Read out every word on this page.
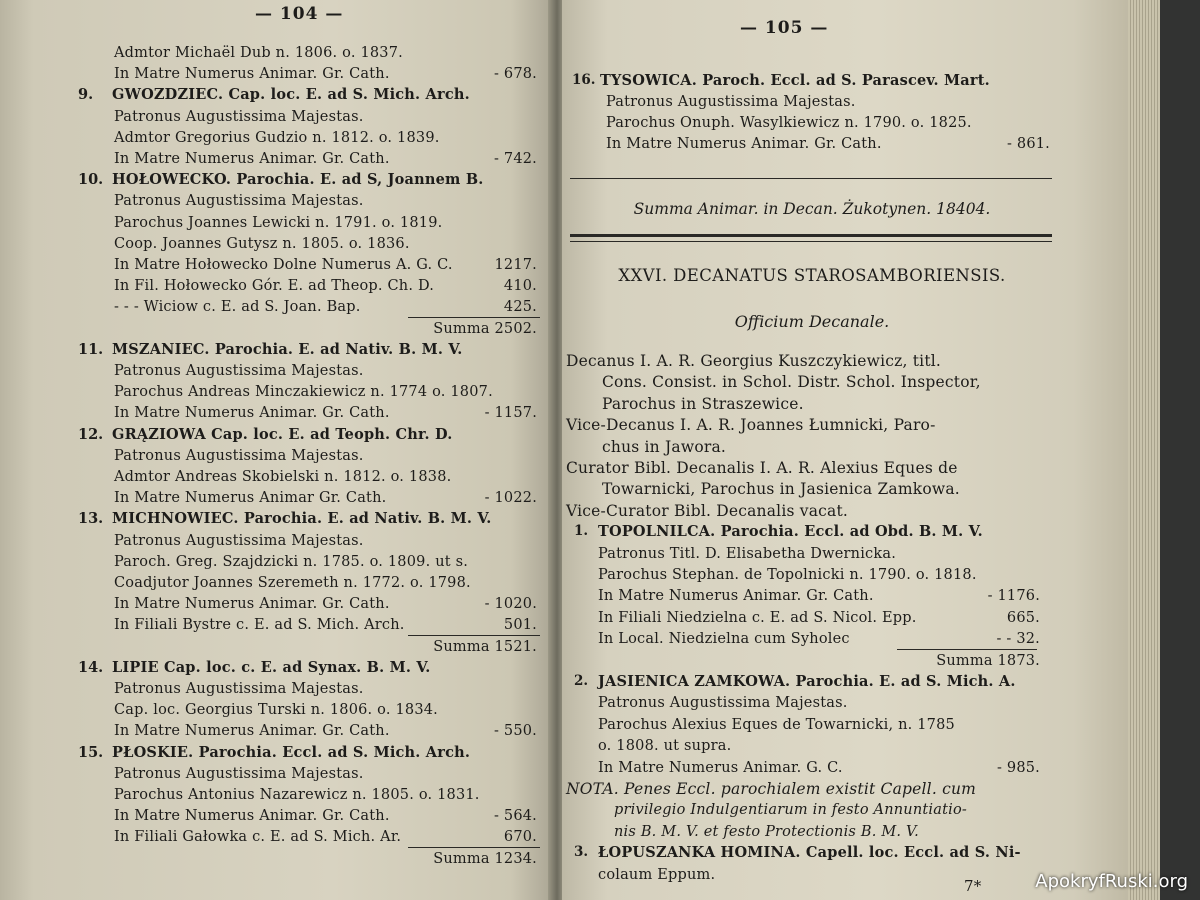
— 104 —
Admtor Michaël Dub n. 1806. o. 1837.
In Matre Numerus Animar. Gr. Cath.	- 678.
9. GWOZDZIEC. Cap. loc. E. ad S. Mich. Arch.
Patronus Augustissima Majestas.
Admtor Gregorius Gudzio n. 1812. o. 1839.
In Matre Numerus Animar. Gr. Cath.	- 742.
10. HOŁOWECKO. Parochia. E. ad S, Joannem B.
Patronus Augustissima Majestas.
Parochus Joannes Lewicki n. 1791. o. 1819.
Coop. Joannes Gutysz n. 1805. o. 1836.
In Matre Hołowecko Dolne Numerus A. G. C.	1217.
In Fil. Hołowecko Gór. E. ad Theop. Ch. D.	410.
- - - Wiciow c. E. ad S. Joan. Bap.	425.
Summa 2502.
11. MSZANIEC. Parochia. E. ad Nativ. B. M. V.
Patronus Augustissima Majestas.
Parochus Andreas Minczakiewicz n. 1774 o. 1807.
In Matre Numerus Animar. Gr. Cath.	- 1157.
12. GRĄZIOWA Cap. loc. E. ad Teoph. Chr. D.
Patronus Augustissima Majestas.
Admtor Andreas Skobielski n. 1812. o. 1838.
In Matre Numerus Animar Gr. Cath.	- 1022.
13. MICHNOWIEC. Parochia. E. ad Nativ. B. M. V.
Patronus Augustissima Majestas.
Paroch. Greg. Szajdzicki n. 1785. o. 1809. ut s.
Coadjutor Joannes Szeremeth n. 1772. o. 1798.
In Matre Numerus Animar. Gr. Cath.	- 1020.
In Filiali Bystre c. E. ad S. Mich. Arch.	501.
Summa 1521.
14. LIPIE Cap. loc. c. E. ad Synax. B. M. V.
Patronus Augustissima Majestas.
Cap. loc. Georgius Turski n. 1806. o. 1834.
In Matre Numerus Animar. Gr. Cath.	- 550.
15. PŁOSKIE. Parochia. Eccl. ad S. Mich. Arch.
Patronus Augustissima Majestas.
Parochus Antonius Nazarewicz n. 1805. o. 1831.
In Matre Numerus Animar. Gr. Cath.	- 564.
In Filiali Gałowka c. E. ad S. Mich. Ar.	670.
Summa 1234.
— 105 —
16. TYSOWICA. Paroch. Eccl. ad S. Parascev. Mart.
Patronus Augustissima Majestas.
Parochus Onuph. Wasylkiewicz n. 1790. o. 1825.
In Matre Numerus Animar. Gr. Cath.	- 861.
Summa Animar. in Decan. Żukotynen. 18404.
XXVI. DECANATUS STAROSAMBORIENSIS.
Officium Decanale.
Decanus I. A. R. Georgius Kuszczykiewicz, titl.
Cons. Consist. in Schol. Distr. Schol. Inspector,
Parochus in Straszewice.
Vice-Decanus I. A. R. Joannes Łumnicki, Paro-
chus in Jawora.
Curator Bibl. Decanalis I. A. R. Alexius Eques de
Towarnicki, Parochus in Jasienica Zamkowa.
Vice-Curator Bibl. Decanalis vacat.
1. TOPOLNILCA. Parochia. Eccl. ad Obd. B. M. V.
Patronus Titl. D. Elisabetha Dwernicka.
Parochus Stephan. de Topolnicki n. 1790. o. 1818.
In Matre Numerus Animar. Gr. Cath.	- 1176.
In Filiali Niedzielna c. E. ad S. Nicol. Epp.	665.
In Local. Niedzielna cum Syholec	- - 32.
Summa 1873.
2. JASIENICA ZAMKOWA. Parochia. E. ad S. Mich. A.
Patronus Augustissima Majestas.
Parochus Alexius Eques de Towarnicki, n. 1785
o. 1808. ut supra.
In Matre Numerus Animar. G. C.	- 985.
NOTA. Penes Eccl. parochialem existit Capell. cum
privilegio Indulgentiarum in festo Annuntiatio-
nis B. M. V. et festo Protectionis B. M. V.
3. ŁOPUSZANKA HOMINA. Capell. loc. Eccl. ad S. Ni-
colaum Eppum.
7*	ApokryfRuski.org
